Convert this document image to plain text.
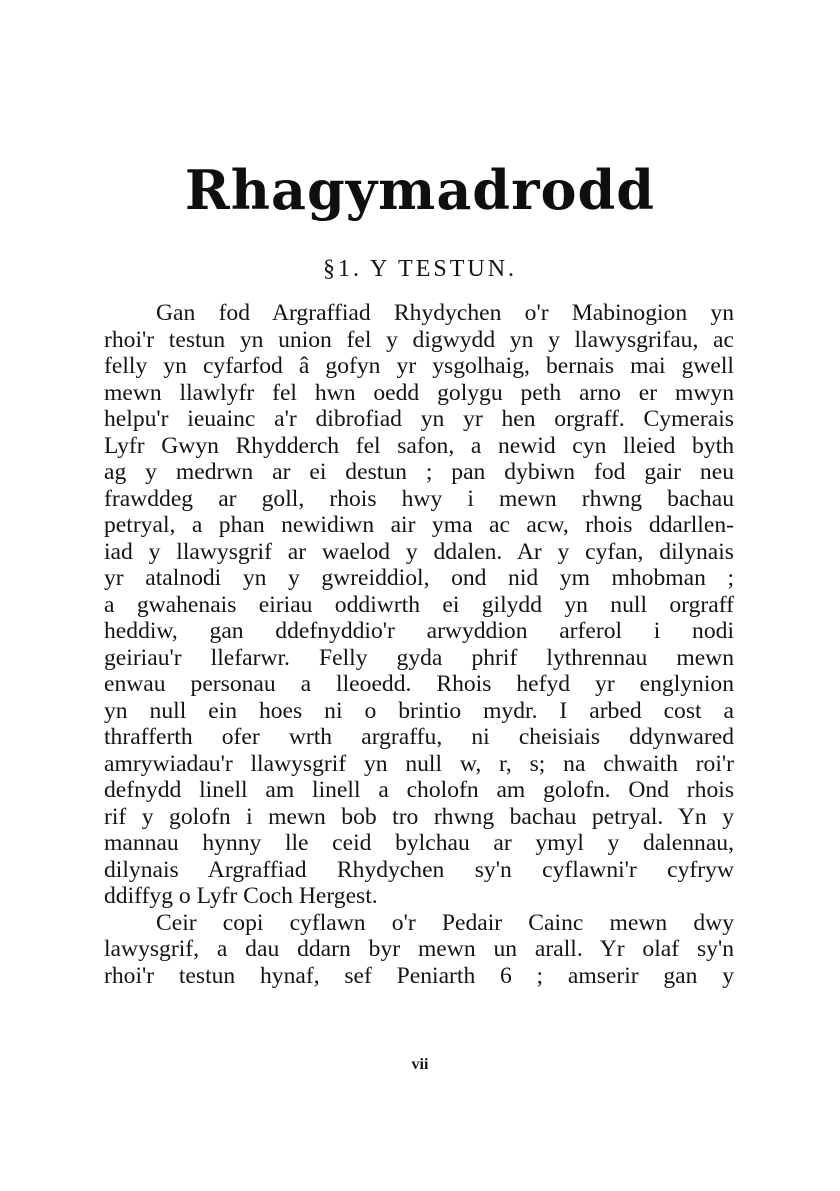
Rhagymadrodd
§1. Y TESTUN.
Gan fod Argraffiad Rhydychen o'r Mabinogion yn
rhoi'r testun yn union fel y digwydd yn y llawysgrifau, ac
felly yn cyfarfod â gofyn yr ysgolhaig, bernais mai gwell
mewn llawlyfr fel hwn oedd golygu peth arno er mwyn
helpu'r ieuainc a'r dibrofiad yn yr hen orgraff. Cymerais
Lyfr Gwyn Rhydderch fel safon, a newid cyn lleied byth
ag y medrwn ar ei destun ; pan dybiwn fod gair neu
frawddeg ar goll, rhois hwy i mewn rhwng bachau
petryal, a phan newidiwn air yma ac acw, rhois ddarllen-
iad y llawysgrif ar waelod y ddalen. Ar y cyfan, dilynais
yr atalnodi yn y gwreiddiol, ond nid ym mhobman ;
a gwahenais eiriau oddiwrth ei gilydd yn null orgraff
heddiw, gan ddefnyddio'r arwyddion arferol i nodi
geiriau'r llefarwr. Felly gyda phrif lythrennau mewn
enwau personau a lleoedd. Rhois hefyd yr englynion
yn null ein hoes ni o brintio mydr. I arbed cost a
thrafferth ofer wrth argraffu, ni cheisiais ddynwared
amrywiadau'r llawysgrif yn null w, r, s; na chwaith roi'r
defnydd linell am linell a cholofn am golofn. Ond rhois
rif y golofn i mewn bob tro rhwng bachau petryal. Yn y
mannau hynny lle ceid bylchau ar ymyl y dalennau,
dilynais Argraffiad Rhydychen sy'n cyflawni'r cyfryw
ddiffyg o Lyfr Coch Hergest.
Ceir copi cyflawn o'r Pedair Cainc mewn dwy
lawysgrif, a dau ddarn byr mewn un arall. Yr olaf sy'n
rhoi'r testun hynaf, sef Peniarth 6 ; amserir gan y
vii
